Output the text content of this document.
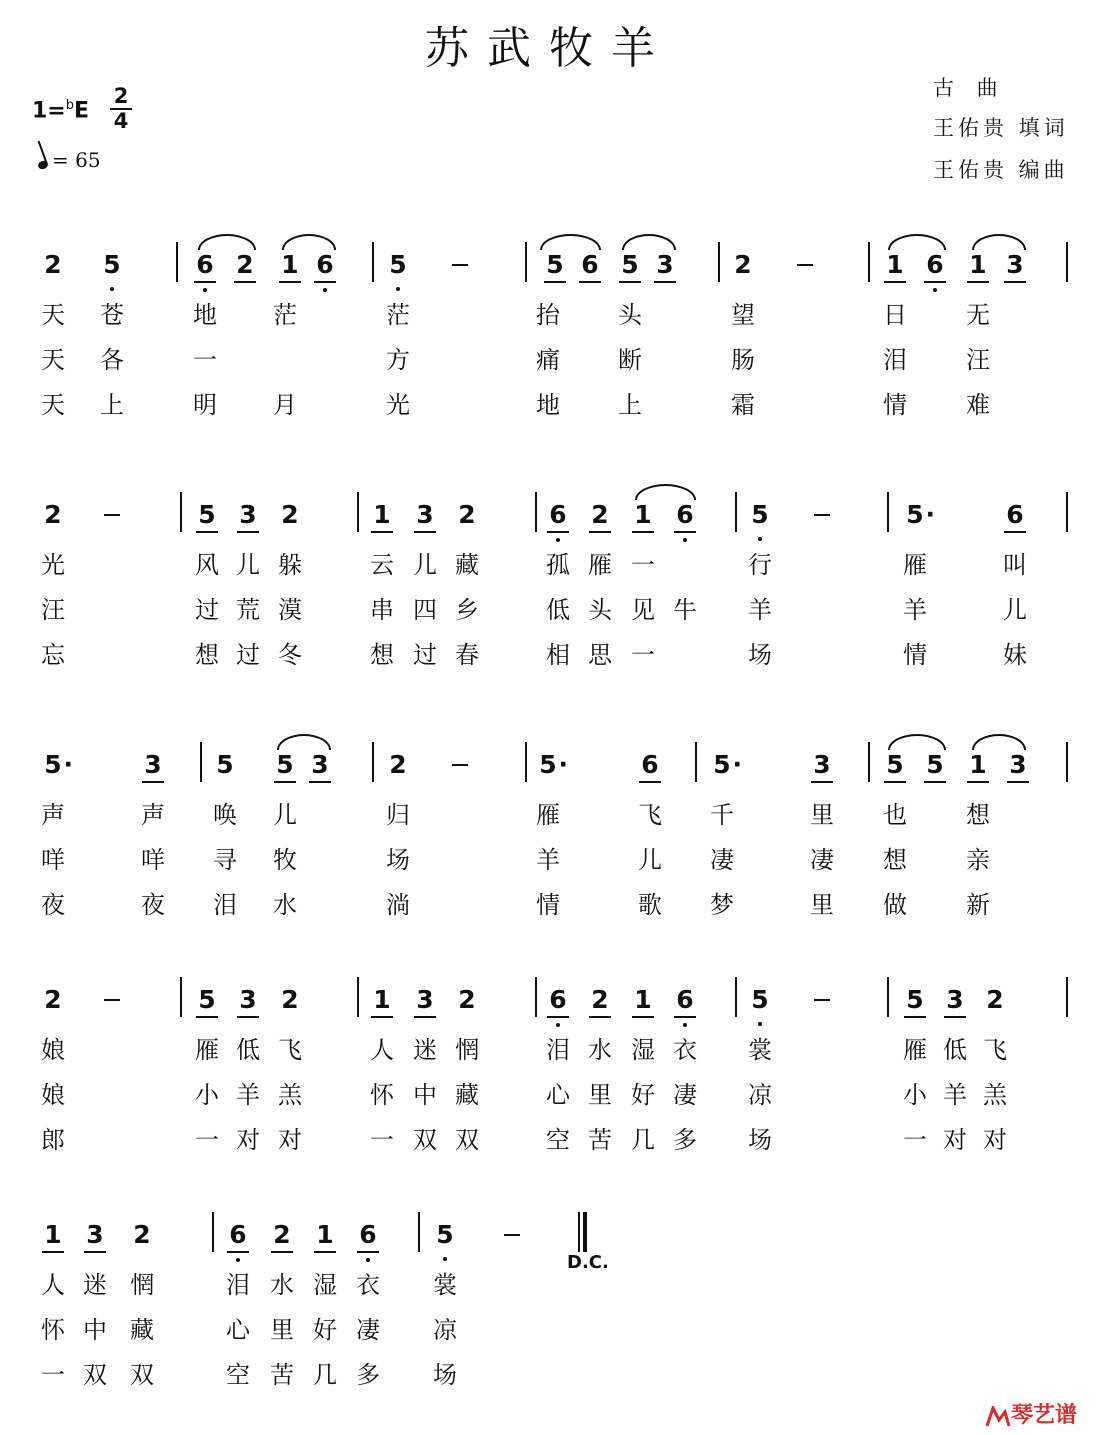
苏武牧羊
古 曲
王佑贵 填词
王佑贵 编曲
1=$^b$E
2
4
= 65
2 5	6 2 1 6 5	5 6 5 3 2	1 6 1 3
天	苍	地	茫	茫	抬	头	望	日	无
天	各	一	方	痛	断	肠	泪	汪
天	上	明	月	光	地	上	霜	情	难
2	5 3 2	1 3 2	6 2 1 6 5	5 ·	6
光	风 儿 躲	云 儿 藏	孤 雁 一	行	雁	叫
汪	过 荒 漠	串 四 乡	低 头 见 牛	羊	羊	儿
忘	想 过 冬	想 过 春	相 思 一	场	情	妹
5 ·	3 5 5 3 2	5 ·	6 5 ·	3 5 5 1 3
声	声	唤	儿	归	雁	飞	千	里	也	想
咩	咩	寻	牧	场	羊	儿	凄	凄	想	亲
夜	夜	泪	水	淌	情	歌	梦	里	做	新
2	5 3 2	1 3 2	6 2 1 6 5	5 3 2
娘	雁 低 飞	人 迷 惘	泪 水 湿 衣	裳	雁 低 飞
娘	小 羊 羔	怀 中 藏	心 里 好 凄	凉	小 羊 羔
郎	一 对 对	一 双 双	空 苦 几 多	场	一 对 对
1 3 2	6 2 1 6 5
人 迷 惘	泪 水 湿 衣	裳
怀 中 藏	心 里 好 凄	凉
一 双 双	空 苦 几 多	场
D.C.
琴艺谱
